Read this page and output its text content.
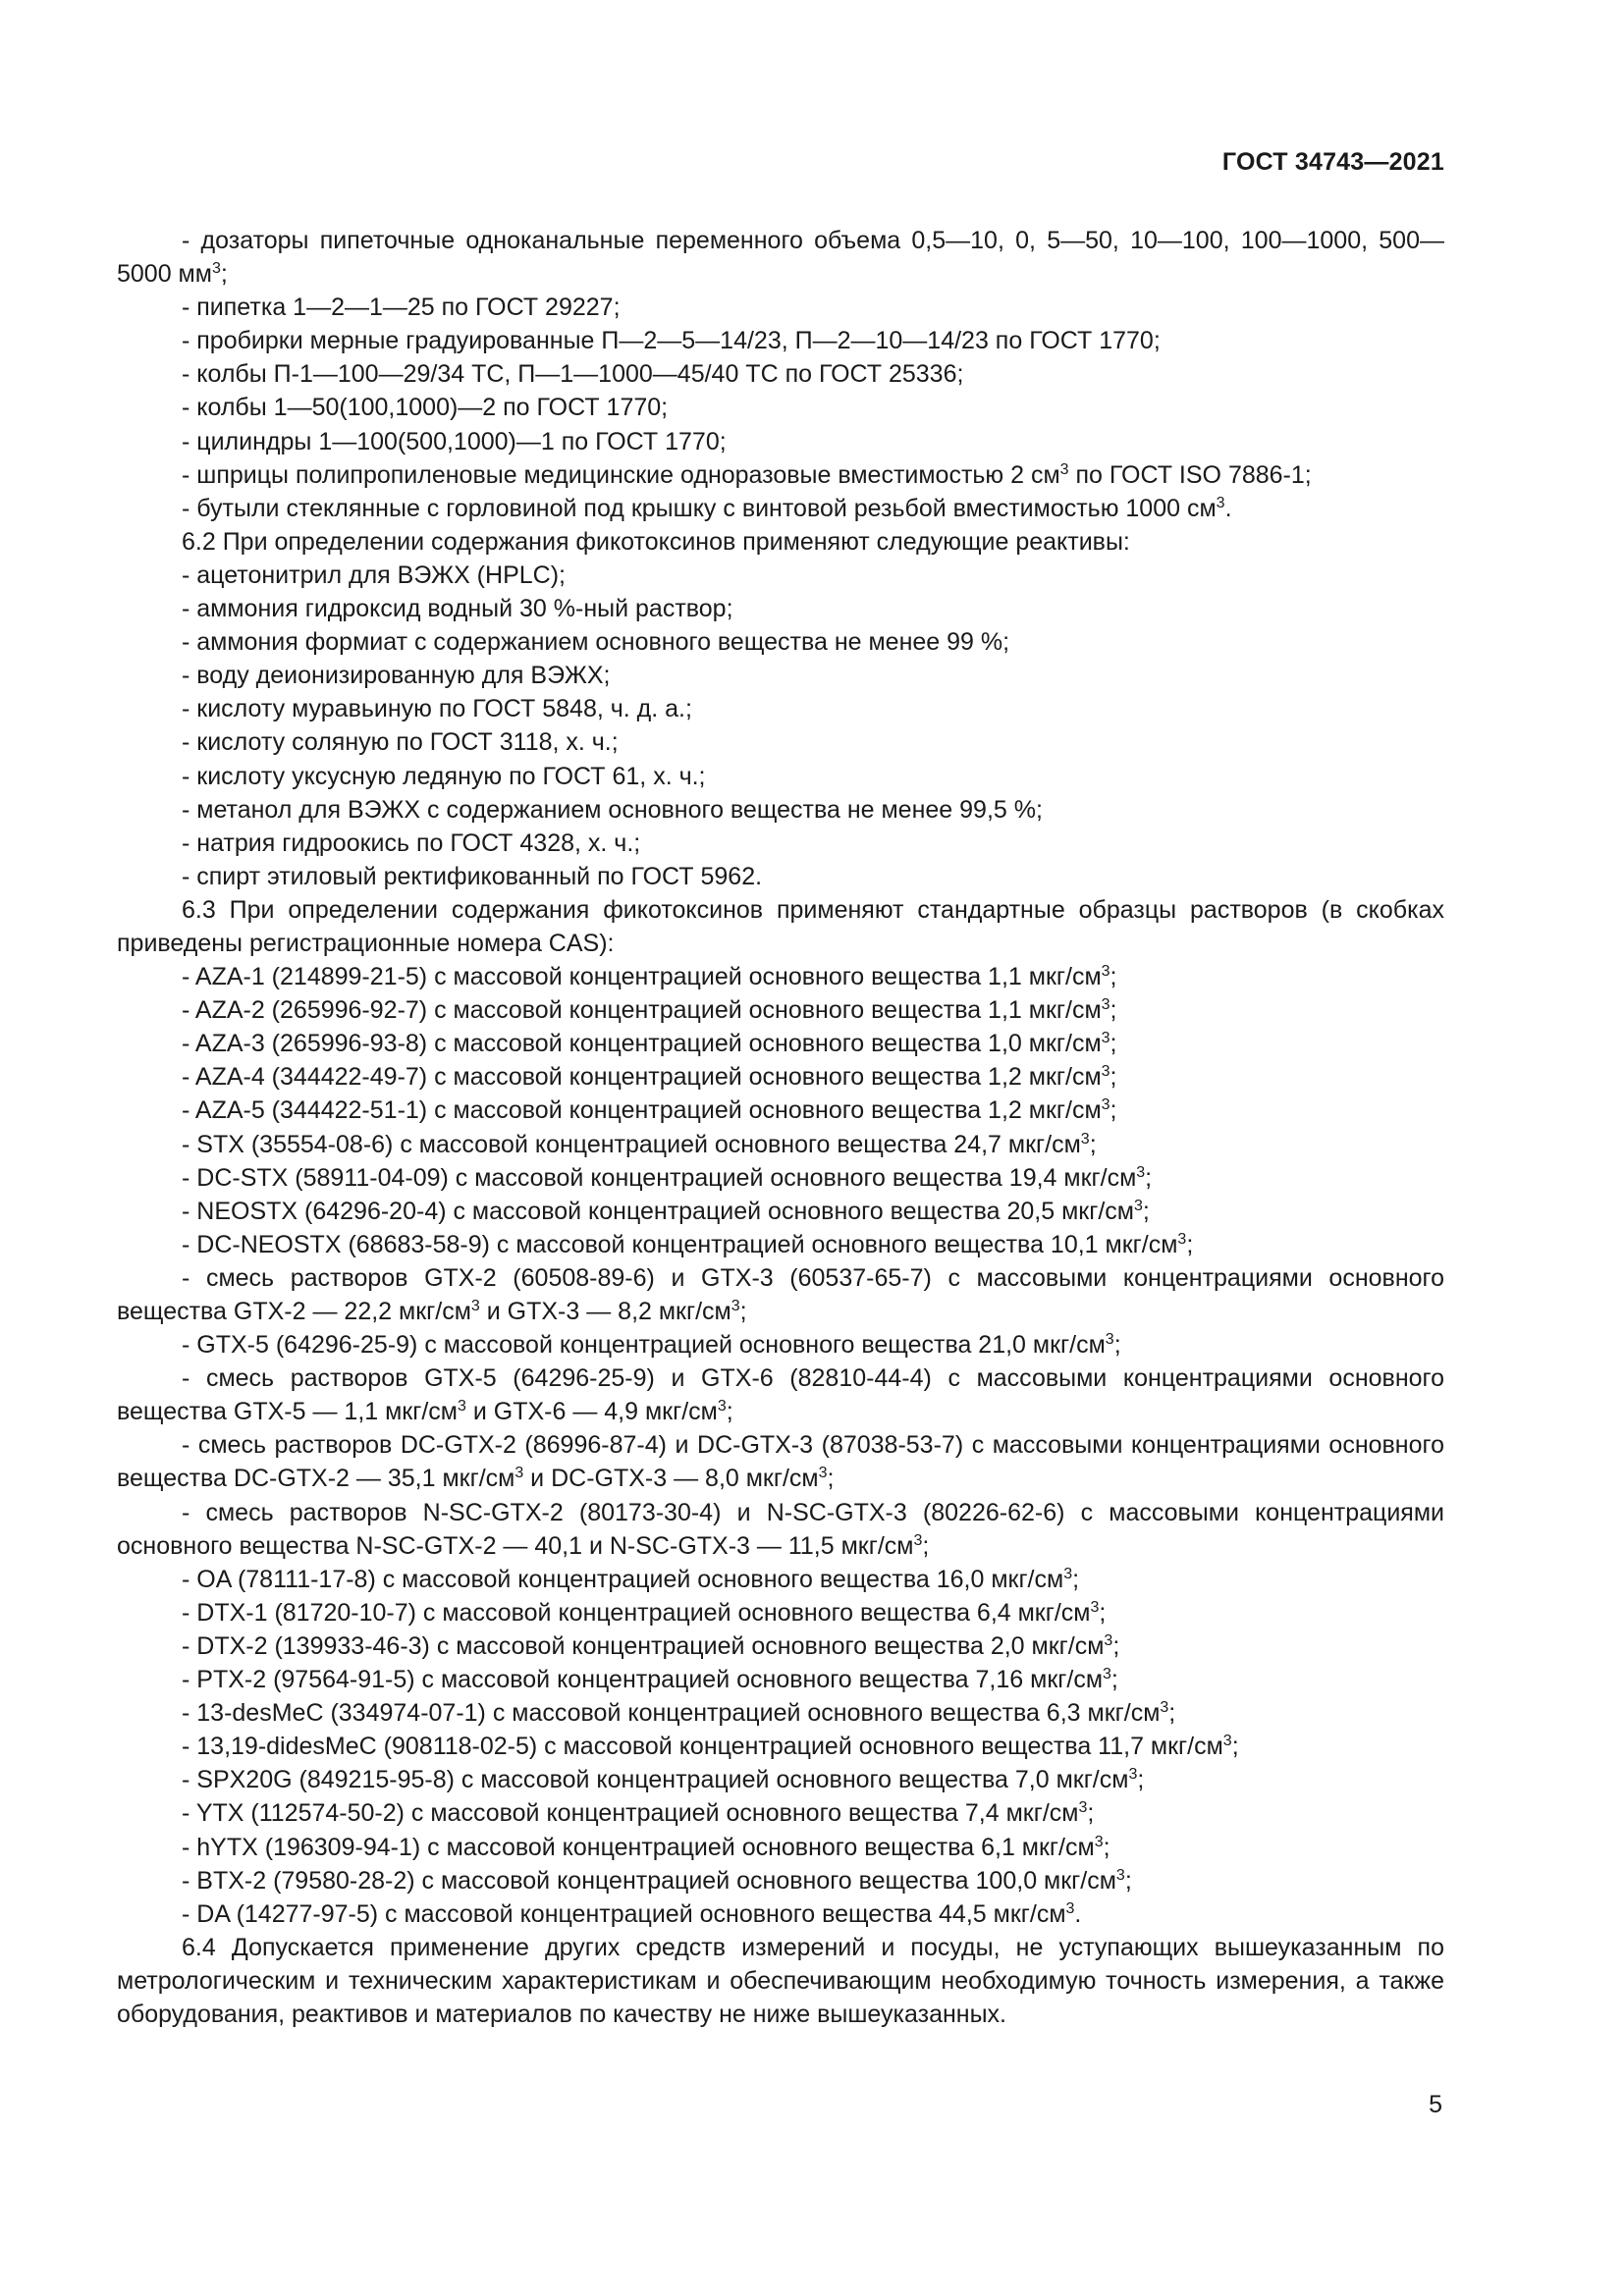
ГОСТ 34743—2021

- дозаторы пипеточные одноканальные переменного объема 0,5—10, 0, 5—50, 10—100, 100—1000, 500—5000 $мм^3$;

- пипетка 1—2—1—25 по ГОСТ 29227;

- пробирки мерные градуированные П—2—5—14/23, П—2—10—14/23 по ГОСТ 1770;

- колбы П-1—100—29/34 ТС, П—1—1000—45/40 ТС по ГОСТ 25336;

- колбы 1—50(100,1000)—2 по ГОСТ 1770;

- цилиндры 1—100(500,1000)—1 по ГОСТ 1770;

- шприцы полипропиленовые медицинские одноразовые вместимостью 2 $см^3$ по ГОСТ ISO 7886-1;

- бутыли стеклянные с горловиной под крышку с винтовой резьбой вместимостью 1000 $см^3$.

6.2 При определении содержания фикотоксинов применяют следующие реактивы:

- ацетонитрил для ВЭЖХ (HPLC);

- аммония гидроксид водный 30 %-ный раствор;

- аммония формиат с содержанием основного вещества не менее 99 %;

- воду деионизированную для ВЭЖХ;

- кислоту муравьиную по ГОСТ 5848, ч. д. а.;

- кислоту соляную по ГОСТ 3118, х. ч.;

- кислоту уксусную ледяную по ГОСТ 61, х. ч.;

- метанол для ВЭЖХ с содержанием основного вещества не менее 99,5 %;

- натрия гидроокись по ГОСТ 4328, х. ч.;

- спирт этиловый ректификованный по ГОСТ 5962.

6.3 При определении содержания фикотоксинов применяют стандартные образцы растворов (в скобках приведены регистрационные номера CAS):

- AZA-1 (214899-21-5) с массовой концентрацией основного вещества 1,1 мкг/$см^3$;

- AZA-2 (265996-92-7) с массовой концентрацией основного вещества 1,1 мкг/$см^3$;

- AZA-3 (265996-93-8) с массовой концентрацией основного вещества 1,0 мкг/$см^3$;

- AZA-4 (344422-49-7) с массовой концентрацией основного вещества 1,2 мкг/$см^3$;

- AZA-5 (344422-51-1) с массовой концентрацией основного вещества 1,2 мкг/$см^3$;

- STX (35554-08-6) с массовой концентрацией основного вещества 24,7 мкг/$см^3$;

- DC-STX (58911-04-09) с массовой концентрацией основного вещества 19,4 мкг/$см^3$;

- NEOSTX (64296-20-4) с массовой концентрацией основного вещества 20,5 мкг/$см^3$;

- DC-NEOSTX (68683-58-9) с массовой концентрацией основного вещества 10,1 мкг/$см^3$;

- смесь растворов GTX-2 (60508-89-6) и GTX-3 (60537-65-7) с массовыми концентрациями основного вещества GTX-2 — 22,2 мкг/$см^3$ и GTX-3 — 8,2 мкг/$см^3$;

- GTX-5 (64296-25-9) с массовой концентрацией основного вещества 21,0 мкг/$см^3$;

- смесь растворов GTX-5 (64296-25-9) и GTX-6 (82810-44-4) с массовыми концентрациями основного вещества GTX-5 — 1,1 мкг/$см^3$ и GTX-6 — 4,9 мкг/$см^3$;

- смесь растворов DC-GTX-2 (86996-87-4) и DC-GTX-3 (87038-53-7) с массовыми концентрациями основного вещества DC-GTX-2 — 35,1 мкг/$см^3$ и DC-GTX-3 — 8,0 мкг/$см^3$;

- смесь растворов N-SC-GTX-2 (80173-30-4) и N-SC-GTX-3 (80226-62-6) с массовыми концентрациями основного вещества N-SC-GTX-2 — 40,1 и N-SC-GTX-3 — 11,5 мкг/$см^3$;

- OA (78111-17-8) с массовой концентрацией основного вещества 16,0 мкг/$см^3$;

- DTX-1 (81720-10-7) с массовой концентрацией основного вещества 6,4 мкг/$см^3$;

- DTX-2 (139933-46-3) с массовой концентрацией основного вещества 2,0 мкг/$см^3$;

- PTX-2 (97564-91-5) с массовой концентрацией основного вещества 7,16 мкг/$см^3$;

- 13-desMeC (334974-07-1) с массовой концентрацией основного вещества 6,3 мкг/$см^3$;

- 13,19-didesMeC (908118-02-5) с массовой концентрацией основного вещества 11,7 мкг/$см^3$;

- SPX20G (849215-95-8) с массовой концентрацией основного вещества 7,0 мкг/$см^3$;

- YTX (112574-50-2) с массовой концентрацией основного вещества 7,4 мкг/$см^3$;

- hYTX (196309-94-1) с массовой концентрацией основного вещества 6,1 мкг/$см^3$;

- BTX-2 (79580-28-2) с массовой концентрацией основного вещества 100,0 мкг/$см^3$;

- DA (14277-97-5) с массовой концентрацией основного вещества 44,5 мкг/$см^3$.

6.4 Допускается применение других средств измерений и посуды, не уступающих вышеуказанным по метрологическим и техническим характеристикам и обеспечивающим необходимую точность измерения, а также оборудования, реактивов и материалов по качеству не ниже вышеуказанных.

5
